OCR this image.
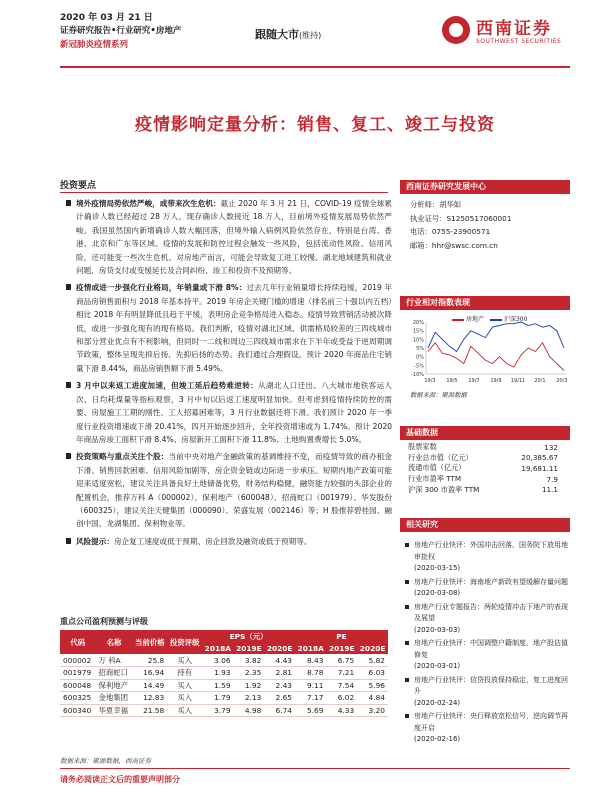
2020 年 03 月 21 日
证券研究报告•行业研究•房地产
新冠肺炎疫情系列
跟随大市(维持)	西南证券
SOUTHWEST SECURITIES
疫情影响定量分析：销售、复工、竣工与投资
投资要点
境外疫情局势依然严峻，或带来次生危机：截止 2020 年 3 月 21 日，COVID-19 疫情全球累计确诊人数已经超过 28 万人，现存确诊人数接近 18 万人，目前境外疫情发展局势依然严峻。我国虽然国内新增确诊人数大幅回落，但境外输入病例风险依然存在，特别是台湾、香港、北京和广东等区域。疫情的发展和防控过程会触发一些风险，包括流动性风险、信用风险，还可能变一些次生危机。对房地产而言，可能会导致复工进工较慢、湖北地域建筑和就业问题、房贷支付或变缓延长及合同纠纷、竣工和投资不及预期等。
疫情或进一步强化行业格局，年销量或下滑 8%：过去几年行业销量增长持续趋缓，2019 年商品房销售面积与 2018 年基本持平。2019 年房企关键门槛的增速（排名前三十强以内五档）相比 2018 年有明显降低且趋于平缓，表明房企竞争格局进入稳态。疫情导致营销活动被次降低，或进一步强化现有的现有格局。我们判断，疫情对湖北区域、供需格局较差的三四线城市和部分营业优点有不利影响，但同时一二线和周边三四线城市需求在下半年或受益于逆周期调节政策，整体呈现先抑后扬、先抑后扬的态势。我们通过合理假设，预计 2020 年商品住宅销量下滑 8.44%，商品房销售额下滑 5.49%。
3 月中以来返工进度加速，但竣工延后趋势难逆转：从湖北人口迁出、八大城市地铁客运人次、日均耗煤量等指标观察，3 月中旬以后返工速度明显加快。但考虑到疫情持续防控的需要、房屋施工工期的刚性、工人招募困难等，3 月行业数据还将下滑。我们预计 2020 年一季度行业投资增速或下滑 20.41%，四月开始逐步回升，全年投资增速或为 1.74%。预计 2020 年商品房竣工面积下滑 8.4%、房屋新开工面积下滑 11.8%、土地购置费增长 5.0%。
投资策略与重点关注个股：当前中央对地产金融政策的基调维持不变，而疫情导致的商办租金下滑、销售回款困难、信用风险加剧等，房企资金链或边际进一步承压。短期内地产政策可能迎来适度宽松，建议关注具备良好土地储备优势，财务结构稳健，融资能力较强的头部企业的配置机会，推荐万科 A（000002）、保利地产（600048）、招商蛇口（001979）、华发股份（600325），建议关注天健集团（000090）、荣盛发展（002146）等；H 股推荐碧桂园、融创中国、龙湖集团、保利物业等。
风险提示：房企复工速度或低于预期、房企回款及融资或低于预期等。
重点公司盈利预测与评级
代码	名称	当前价格	投资评级	EPS（元）			PE		
				2018A	2019E	2020E	2018A	2019E	2020E
000002	万 科A	25.8	买入	3.06	3.82	4.43	8.43	6.75	5.82
001979	招商蛇口	16.94	持有	1.93	2.35	2.81	8.78	7.21	6.03
600048	保利地产	14.49	买入	1.59	1.92	2.43	9.11	7.54	5.96
600325	金地集团	12.83	买入	1.79	2.13	2.65	7.17	6.02	4.84
600340	华夏幸福	21.58	买入	3.79	4.98	6.74	5.69	4.33	3.20
数据来源：聚源数据，西南证券
请务必阅读正文后的重要声明部分
西南证券研究发展中心
分析师：胡华如
执业证号：S1250517060001
电话：0755-23900571
邮箱：hhr@swsc.com.cn
行业相对指数表现
房地产	沪深300
20%
15%
10%
5%
0%
-5%
-10%
19/3 19/5 19/7 19/9 19/11 20/1 20/3
数据来源：聚源数据
基础数据
股票家数	132
行业总市值（亿元）	20,385.67
流通市值（亿元）	19,681.11
行业市盈率 TTM	7.9
沪深 300 市盈率 TTM	11.1
相关研究
房地产行业快评：外国冲击回落，国务院下放用地审批权
(2020-03-15)
房地产行业快评：海南地产新政有望缓解存量问题
(2020-03-08)
房地产行业专题报告：两轮疫情冲击下地产的表现及展望
(2020-03-03)
房地产行业快评：中国调整户籍制度，地产股估值修复
(2020-03-01)
房地产行业快评：信贷投放保持稳定，复工进度回升
(2020-02-24)
房地产行业快评：央行释放宽松信号，逆向调节再度开启
(2020-02-16)
